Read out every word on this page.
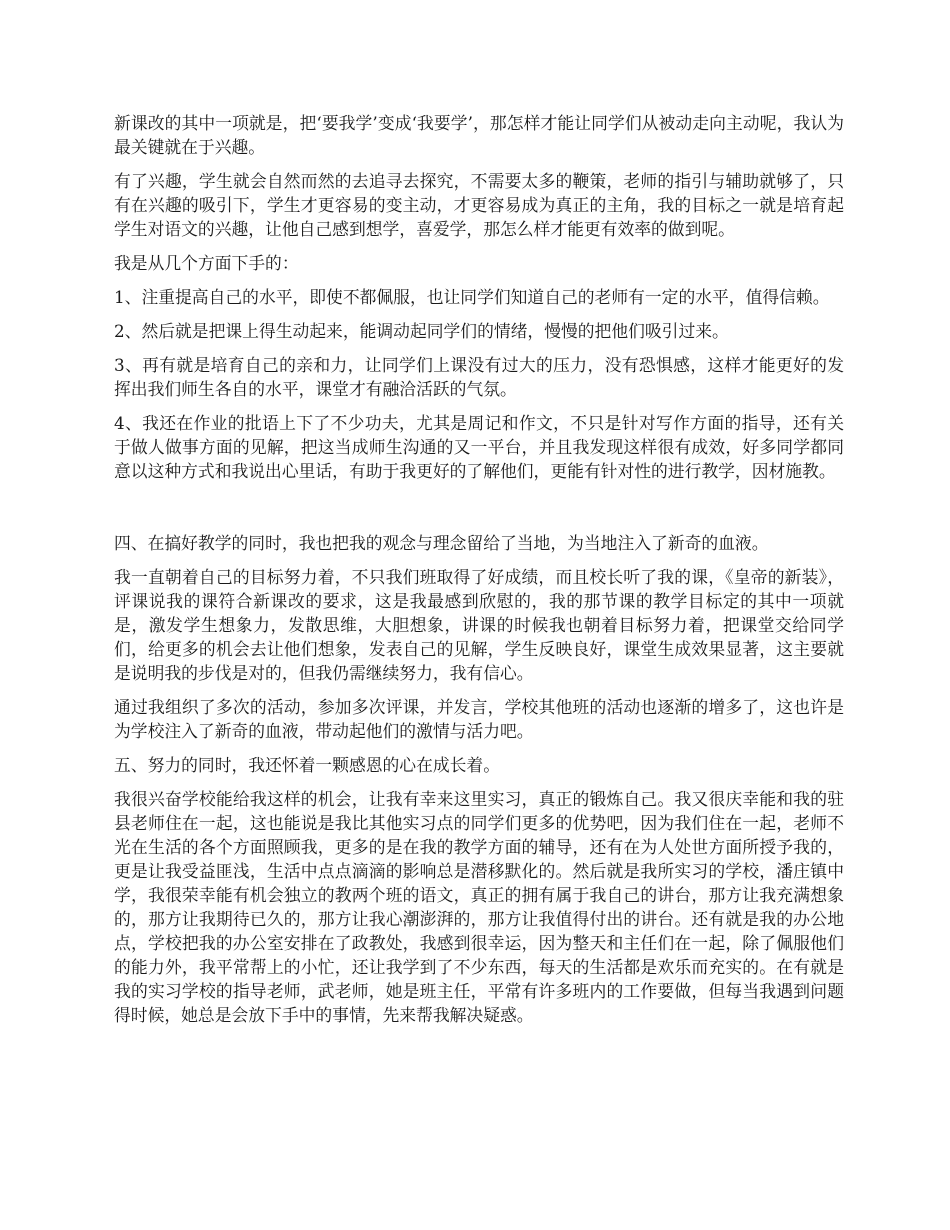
新课改的其中一项就是，把‘要我学’变成‘我要学’，那怎样才能让同学们从被动走向主动呢，我认为最关键就在于兴趣。

有了兴趣，学生就会自然而然的去追寻去探究，不需要太多的鞭策，老师的指引与辅助就够了，只有在兴趣的吸引下，学生才更容易的变主动，才更容易成为真正的主角，我的目标之一就是培育起学生对语文的兴趣，让他自己感到想学，喜爱学，那怎么样才能更有效率的做到呢。

我是从几个方面下手的：

1、注重提高自己的水平，即使不都佩服，也让同学们知道自己的老师有一定的水平，值得信赖。

2、然后就是把课上得生动起来，能调动起同学们的情绪，慢慢的把他们吸引过来。

3、再有就是培育自己的亲和力，让同学们上课没有过大的压力，没有恐惧感，这样才能更好的发挥出我们师生各自的水平，课堂才有融洽活跃的气氛。

4、我还在作业的批语上下了不少功夫，尤其是周记和作文，不只是针对写作方面的指导，还有关于做人做事方面的见解，把这当成师生沟通的又一平台，并且我发现这样很有成效，好多同学都同意以这种方式和我说出心里话，有助于我更好的了解他们，更能有针对性的进行教学，因材施教。

四、在搞好教学的同时，我也把我的观念与理念留给了当地，为当地注入了新奇的血液。

我一直朝着自己的目标努力着，不只我们班取得了好成绩，而且校长听了我的课，《皇帝的新装》，评课说我的课符合新课改的要求，这是我最感到欣慰的，我的那节课的教学目标定的其中一项就是，激发学生想象力，发散思维，大胆想象，讲课的时候我也朝着目标努力着，把课堂交给同学们，给更多的机会去让他们想象，发表自己的见解，学生反映良好，课堂生成效果显著，这主要就是说明我的步伐是对的，但我仍需继续努力，我有信心。

通过我组织了多次的活动，参加多次评课，并发言，学校其他班的活动也逐渐的增多了，这也许是为学校注入了新奇的血液，带动起他们的激情与活力吧。

五、努力的同时，我还怀着一颗感恩的心在成长着。

我很兴奋学校能给我这样的机会，让我有幸来这里实习，真正的锻炼自己。我又很庆幸能和我的驻县老师住在一起，这也能说是我比其他实习点的同学们更多的优势吧，因为我们住在一起，老师不光在生活的各个方面照顾我，更多的是在我的教学方面的辅导，还有在为人处世方面所授予我的，更是让我受益匪浅，生活中点点滴滴的影响总是潜移默化的。然后就是我所实习的学校，潘庄镇中学，我很荣幸能有机会独立的教两个班的语文，真正的拥有属于我自己的讲台，那方让我充满想象的，那方让我期待已久的，那方让我心潮澎湃的，那方让我值得付出的讲台。还有就是我的办公地点，学校把我的办公室安排在了政教处，我感到很幸运，因为整天和主任们在一起，除了佩服他们的能力外，我平常帮上的小忙，还让我学到了不少东西，每天的生活都是欢乐而充实的。在有就是我的实习学校的指导老师，武老师，她是班主任，平常有许多班内的工作要做，但每当我遇到问题得时候，她总是会放下手中的事情，先来帮我解决疑惑。
